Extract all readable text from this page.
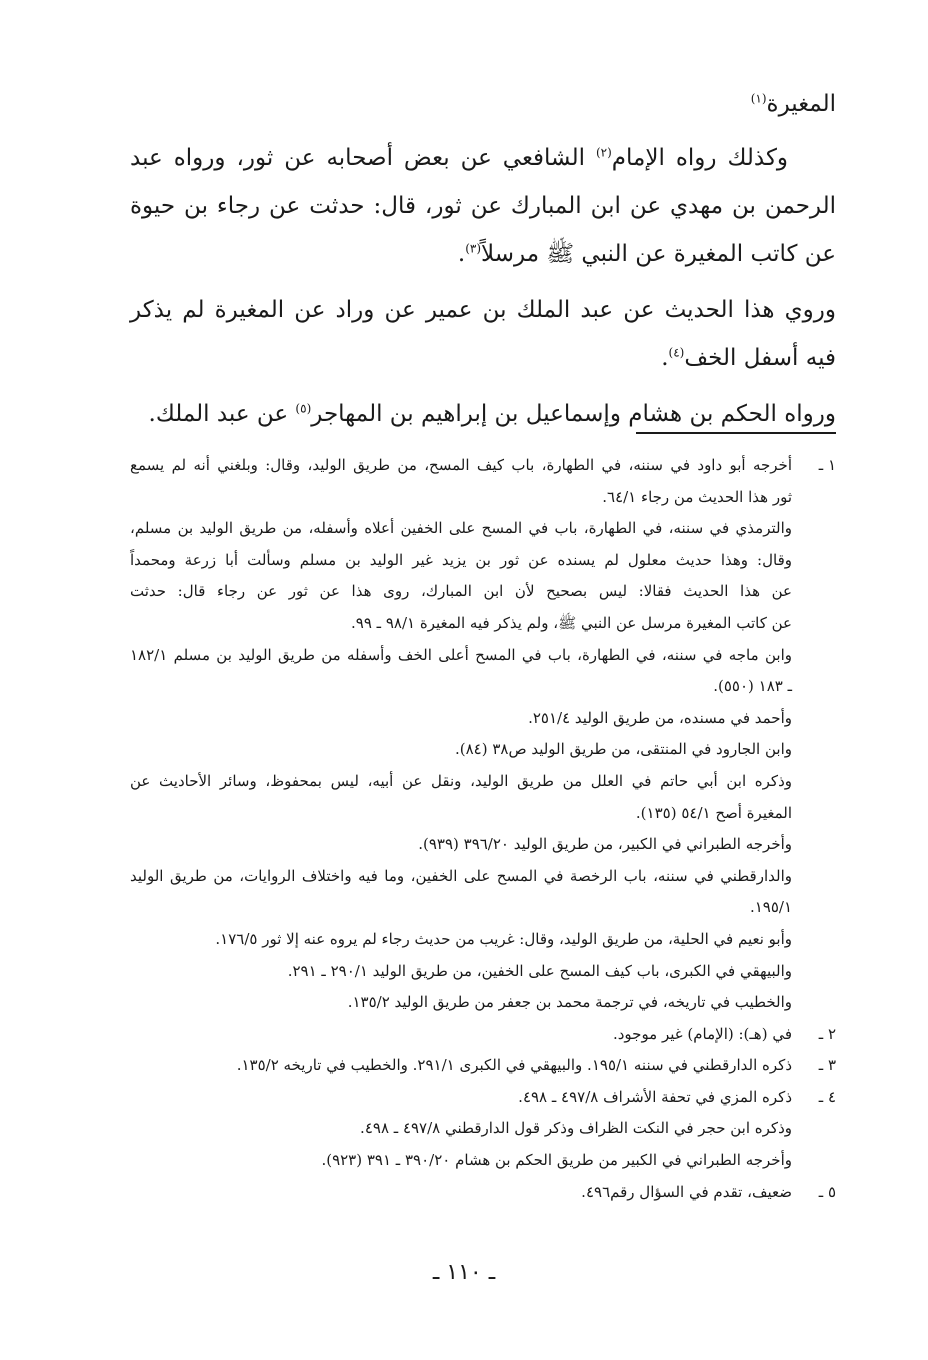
المغيرة$^{(١)}$

وكذلك رواه الإمام$^{(٢)}$ الشافعي عن بعض أصحابه عن ثور، ورواه عبد الرحمن بن مهدي عن ابن المبارك عن ثور، قال: حدثت عن رجاء بن حيوة عن كاتب المغيرة عن النبي ﷺ مرسلاً$^{(٣)}$.

وروي هذا الحديث عن عبد الملك بن عمير عن وراد عن المغيرة لم يذكر فيه أسفل الخف$^{(٤)}$.

ورواه الحكم بن هشام وإسماعيل بن إبراهيم بن المهاجر$^{(٥)}$ عن عبد الملك.

١ ـ
أخرجه أبو داود في سننه، في الطهارة، باب كيف المسح، من طريق الوليد، وقال: وبلغني أنه لم يسمع
ثور هذا الحديث من رجاء ٦٤/١.
والترمذي في سننه، في الطهارة، باب في المسح على الخفين أعلاه وأسفله، من طريق الوليد بن مسلم،
وقال: وهذا حديث معلول لم يسنده عن ثور بن يزيد غير الوليد بن مسلم وسألت أبا زرعة ومحمداً
عن هذا الحديث فقالا: ليس بصحيح لأن ابن المبارك، روى هذا عن ثور عن رجاء قال: حدثت
عن كاتب المغيرة مرسل عن النبي ﷺ، ولم يذكر فيه المغيرة ٩٨/١ ـ ٩٩.
وابن ماجه في سننه، في الطهارة، باب في المسح أعلى الخف وأسفله من طريق الوليد بن مسلم ١٨٢/١
ـ ١٨٣ (٥٥٠).
وأحمد في مسنده، من طريق الوليد ٢٥١/٤.
وابن الجارود في المنتقى، من طريق الوليد ص٣٨ (٨٤).
وذكره ابن أبي حاتم في العلل من طريق الوليد، ونقل عن أبيه، ليس بمحفوظ، وسائر الأحاديث عن
المغيرة أصح ٥٤/١ (١٣٥).
وأخرجه الطبراني في الكبير، من طريق الوليد ٣٩٦/٢٠ (٩٣٩).
والدارقطني في سننه، باب الرخصة في المسح على الخفين، وما فيه واختلاف الروايات، من طريق الوليد
١٩٥/١.
وأبو نعيم في الحلية، من طريق الوليد، وقال: غريب من حديث رجاء لم يروه عنه إلا ثور ١٧٦/٥.
والبيهقي في الكبرى، باب كيف المسح على الخفين، من طريق الوليد ٢٩٠/١ ـ ٢٩١.
والخطيب في تاريخه، في ترجمة محمد بن جعفر من طريق الوليد ١٣٥/٢.
٢ ـ
في (هـ): (الإمام) غير موجود.
٣ ـ
ذكره الدارقطني في سننه ١٩٥/١. والبيهقي في الكبرى ٢٩١/١. والخطيب في تاريخه ١٣٥/٢.
٤ ـ
ذكره المزي في تحفة الأشراف ٤٩٧/٨ ـ ٤٩٨.
وذكره ابن حجر في النكت الظراف وذكر قول الدارقطني ٤٩٧/٨ ـ ٤٩٨.
وأخرجه الطبراني في الكبير من طريق الحكم بن هشام ٣٩٠/٢٠ ـ ٣٩١ (٩٢٣).
٥ ـ
ضعيف، تقدم في السؤال رقم٤٩٦.
ـ ١١٠ ـ
